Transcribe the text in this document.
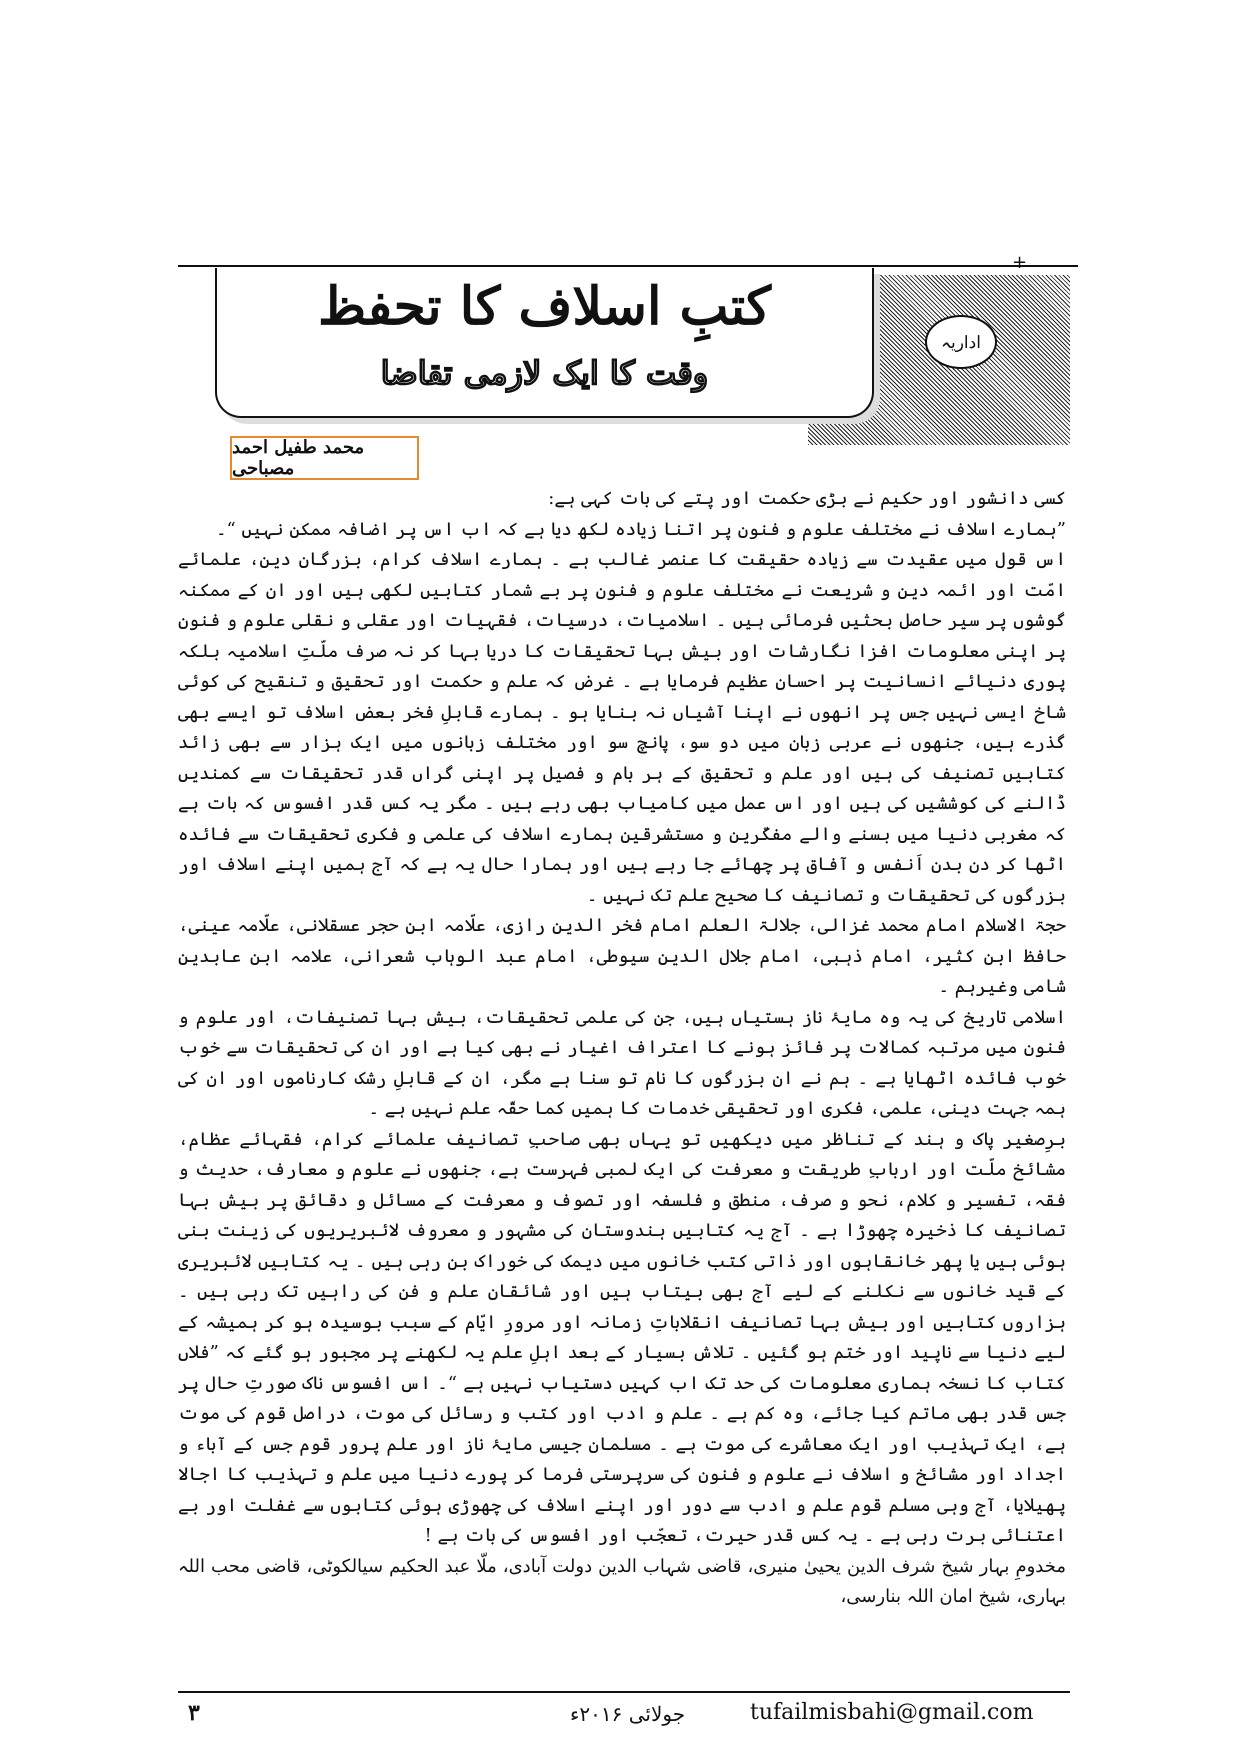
+
اداریہ
کتبِ اسلاف کا تحفظ
وقت کا ایک لازمی تقاضا
محمد طفیل احمد مصباحی

کسی دانشور اور حکیم نے بڑی حکمت اور پتے کی بات کہی ہے:

”ہمارے اسلاف نے مختلف علوم و فنون پر اتنا زیادہ لکھ دیا ہے کہ اب اس پر اضافہ ممکن نہیں “۔

اس قول میں عقیدت سے زیادہ حقیقت کا عنصر غالب ہے ۔ ہمارے اسلاف کرام، بزرگانِ دین، علمائے امّت اور ائمہ دین و شریعت نے مختلف علوم و فنون پر بے شمار کتابیں لکھی ہیں اور ان کے ممکنہ گوشوں پر سیر حاصل بحثیں فرمائی ہیں ۔ اسلامیات، درسیات، فقہیات اور عقلی و نقلی علوم و فنون پر اپنی معلومات افزا نگارشات اور بیش بہا تحقیقات کا دریا بہا کر نہ صرف ملّتِ اسلامیہ بلکہ پوری دنیائے انسانیت پر احسانِ عظیم فرمایا ہے ۔ غرض کہ علم و حکمت اور تحقیق و تنقیح کی کوئی شاخ ایسی نہیں جس پر انھوں نے اپنا آشیاں نہ بنایا ہو ۔ ہمارے قابلِ فخر بعض اسلاف تو ایسے بھی گذرے ہیں، جنھوں نے عربی زبان میں دو سو، پانچ سو اور مختلف زبانوں میں ایک ہزار سے بھی زائد کتابیں تصنیف کی ہیں اور علم و تحقیق کے ہر بام و فصیل پر اپنی گراں قدر تحقیقات سے کمندیں ڈالنے کی کوششیں کی ہیں اور اس عمل میں کامیاب بھی رہے ہیں ۔ مگر یہ کس قدر افسوس کہ بات ہے کہ مغربی دنیا میں بسنے والے مفکّرین و مستشرقین ہمارے اسلاف کی علمی و فکری تحقیقات سے فائدہ اٹھا کر دن بدن اَنفس و آفاق پر چھائے جا رہے ہیں اور ہمارا حال یہ ہے کہ آج ہمیں اپنے اسلاف اور بزرگوں کی تحقیقات و تصانیف کا صحیح علم تک نہیں ۔

حجۃ الاسلام امام محمد غزالی، جلالۃ العلم امام فخر الدین رازی، علّامہ ابن حجر عسقلانی، علّامہ عینی، حافظ ابن کثیر، امام ذہبی، امام جلال الدین سیوطی، امام عبد الوہاب شعرانی، علامہ ابن عابدین شامی وغیرہم ۔

اسلامی تاریخ کی یہ وہ مایۂ ناز ہستیاں ہیں، جن کی علمی تحقیقات، بیش بہا تصنیفات، اور علوم و فنون میں مرتبہ کمالات پر فائز ہونے کا اعتراف اغیار نے بھی کیا ہے اور ان کی تحقیقات سے خوب خوب فائدہ اٹھایا ہے ۔ ہم نے ان بزرگوں کا نام تو سنا ہے مگر، ان کے قابلِ رشک کارناموں اور ان کی ہمہ جہت دینی، علمی، فکری اور تحقیقی خدمات کا ہمیں کما حقّہ علم نہیں ہے ۔

برِصغیر پاک و ہند کے تناظر میں دیکھیں تو یہاں بھی صاحبِ تصانیف علمائے کرام، فقہائے عظام، مشائخ ملّت اور اربابِ طریقت و معرفت کی ایک لمبی فہرست ہے، جنھوں نے علوم و معارف، حدیث و فقہ، تفسیر و کلام، نحو و صرف، منطق و فلسفہ اور تصوف و معرفت کے مسائل و دقائق پر بیش بہا تصانیف کا ذخیرہ چھوڑا ہے ۔ آج یہ کتابیں ہندوستان کی مشہور و معروف لائبریریوں کی زینت بنی ہوئی ہیں یا پھر خانقاہوں اور ذاتی کتب خانوں میں دیمک کی خوراک بن رہی ہیں ۔ یہ کتابیں لائبریری کے قید خانوں سے نکلنے کے لیے آج بھی بیتاب ہیں اور شائقانِ علم و فن کی راہیں تک رہی ہیں ۔ ہزاروں کتابیں اور بیش بہا تصانیف انقلاباتِ زمانہ اور مرورِ ایّام کے سبب بوسیدہ ہو کر ہمیشہ کے لیے دنیا سے ناپید اور ختم ہو گئیں ۔ تلاش بسیار کے بعد اہلِ علم یہ لکھنے پر مجبور ہو گئے کہ ”فلاں کتاب کا نسخہ ہماری معلومات کی حد تک اب کہیں دستیاب نہیں ہے “۔ اس افسوس ناک صورتِ حال پر جس قدر بھی ماتم کیا جائے، وہ کم ہے ۔ علم و ادب اور کتب و رسائل کی موت، دراصل قوم کی موت ہے، ایک تہذیب اور ایک معاشرے کی موت ہے ۔ مسلمان جیسی مایۂ ناز اور علم پرور قوم جس کے آباء و اجداد اور مشائخ و اسلاف نے علوم و فنون کی سرپرستی فرما کر پورے دنیا میں علم و تہذیب کا اجالا پھیلایا، آج وہی مسلم قوم علم و ادب سے دور اور اپنے اسلاف کی چھوڑی ہوئی کتابوں سے غفلت اور بے اعتنائی برت رہی ہے ۔ یہ کس قدر حیرت، تعجّب اور افسوس کی بات ہے !

مخدومِ بہار شیخ شرف الدین یحییٰ منیری، قاضی شہاب الدین دولت آبادی، ملّا عبد الحکیم سیالکوٹی، قاضی محب اللہ بہاری، شیخ امان اللہ بنارسی،

tufailmisbahi@gmail.com
جولائی ۲۰۱۶ء
۳
